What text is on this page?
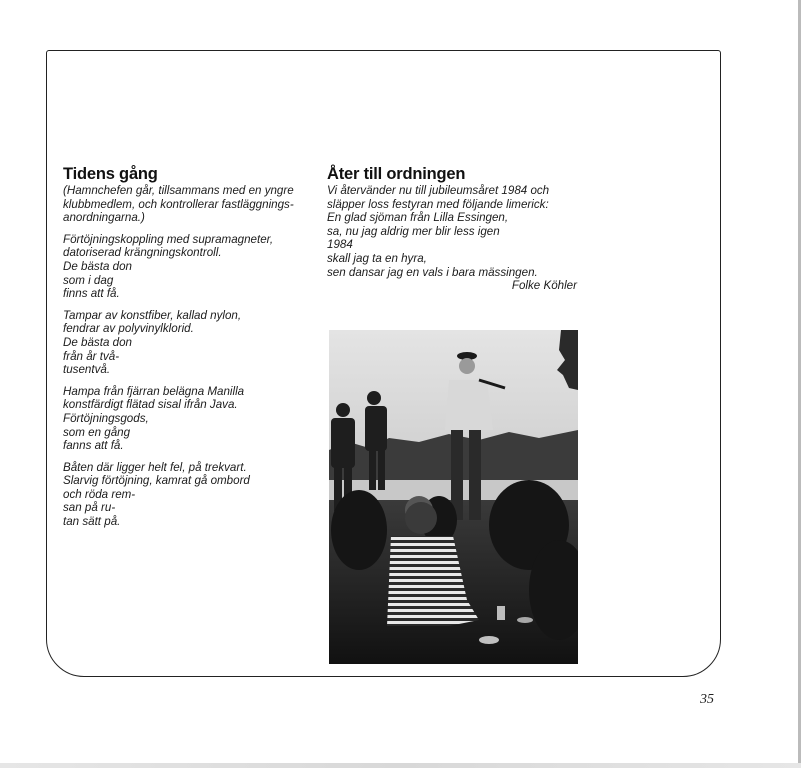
Tidens gång

(Hamnchefen går, tillsammans med en yngre
klubbmedlem, och kontrollerar fastläggnings-
anordningarna.)

Förtöjningskoppling med supramagneter,
datoriserad krängningskontroll.
De bästa don
som i dag
finns att få.

Tampar av konstfiber, kallad nylon,
fendrar av polyvinylklorid.
De bästa don
från år två-
tusentvå.

Hampa från fjärran belägna Manilla
konstfärdigt flätad sisal ifrån Java.
Förtöjningsgods,
som en gång
fanns att få.

Båten där ligger helt fel, på trekvart.
Slarvig förtöjning, kamrat gå ombord
och röda rem-
san på ru-
tan sätt på.

Åter till ordningen

Vi återvänder nu till jubileumsåret 1984 och
släpper loss festyran med följande limerick:
En glad sjöman från Lilla Essingen,
sa, nu jag aldrig mer blir less igen
1984
skall jag ta en hyra,
sen dansar jag en vals i bara mässingen.

Folke Köhler

35
